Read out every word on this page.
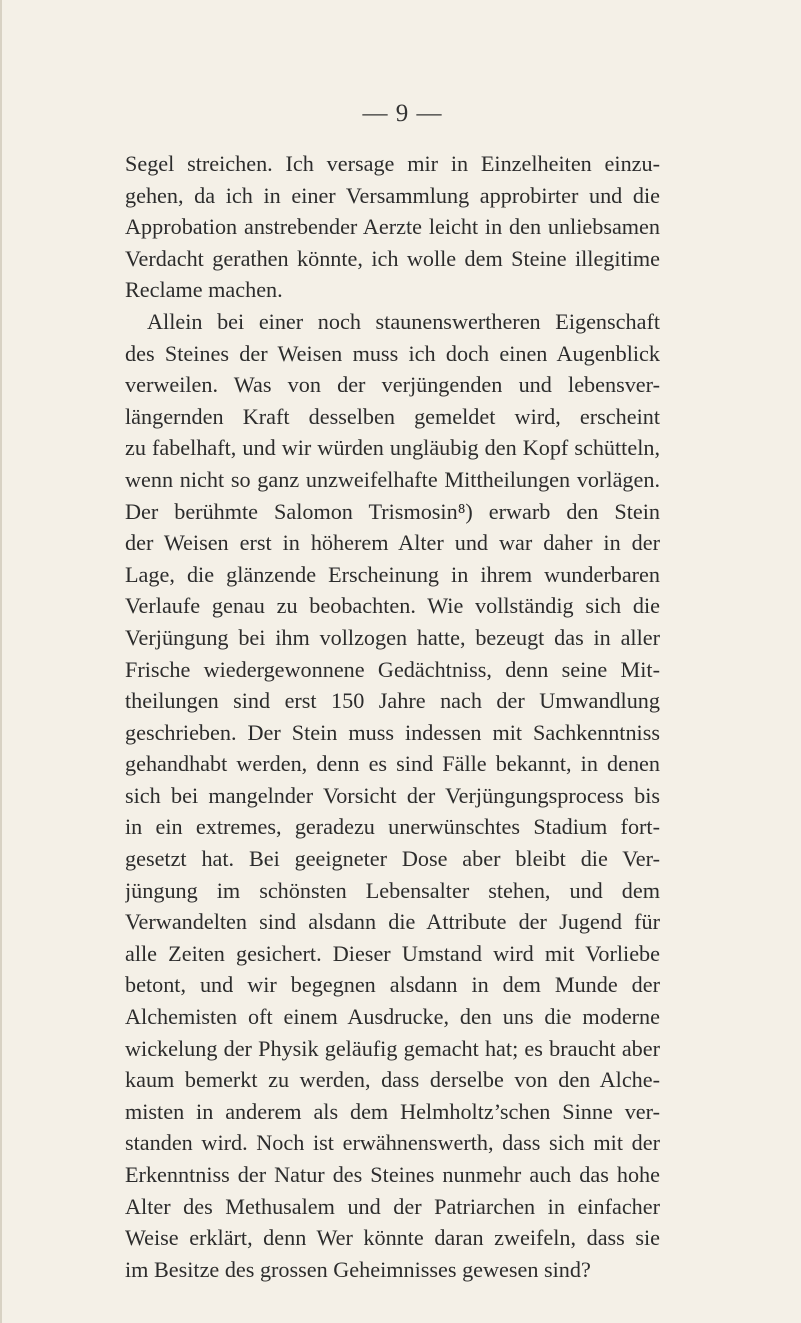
— 9 —
Segel streichen. Ich versage mir in Einzelheiten einzu-
gehen, da ich in einer Versammlung approbirter und die
Approbation anstrebender Aerzte leicht in den unliebsamen
Verdacht gerathen könnte, ich wolle dem Steine illegitime
Reclame machen.
Allein bei einer noch staunenswertheren Eigenschaft
des Steines der Weisen muss ich doch einen Augenblick
verweilen. Was von der verjüngenden und lebensver-
längernden Kraft desselben gemeldet wird, erscheint
zu fabelhaft, und wir würden ungläubig den Kopf schütteln,
wenn nicht so ganz unzweifelhafte Mittheilungen vorlägen.
Der berühmte Salomon Trismosin⁸) erwarb den Stein
der Weisen erst in höherem Alter und war daher in der
Lage, die glänzende Erscheinung in ihrem wunderbaren
Verlaufe genau zu beobachten. Wie vollständig sich die
Verjüngung bei ihm vollzogen hatte, bezeugt das in aller
Frische wiedergewonnene Gedächtniss, denn seine Mit-
theilungen sind erst 150 Jahre nach der Umwandlung
geschrieben. Der Stein muss indessen mit Sachkenntniss
gehandhabt werden, denn es sind Fälle bekannt, in denen
sich bei mangelnder Vorsicht der Verjüngungsprocess bis
in ein extremes, geradezu unerwünschtes Stadium fort-
gesetzt hat. Bei geeigneter Dose aber bleibt die Ver-
jüngung im schönsten Lebensalter stehen, und dem
Verwandelten sind alsdann die Attribute der Jugend für
alle Zeiten gesichert. Dieser Umstand wird mit Vorliebe
betont, und wir begegnen alsdann in dem Munde der
Alchemisten oft einem Ausdrucke, den uns die moderne
wickelung der Physik geläufig gemacht hat; es braucht aber
kaum bemerkt zu werden, dass derselbe von den Alche-
misten in anderem als dem Helmholtz’schen Sinne ver-
standen wird. Noch ist erwähnenswerth, dass sich mit der
Erkenntniss der Natur des Steines nunmehr auch das hohe
Alter des Methusalem und der Patriarchen in einfacher
Weise erklärt, denn Wer könnte daran zweifeln, dass sie
im Besitze des grossen Geheimnisses gewesen sind?
